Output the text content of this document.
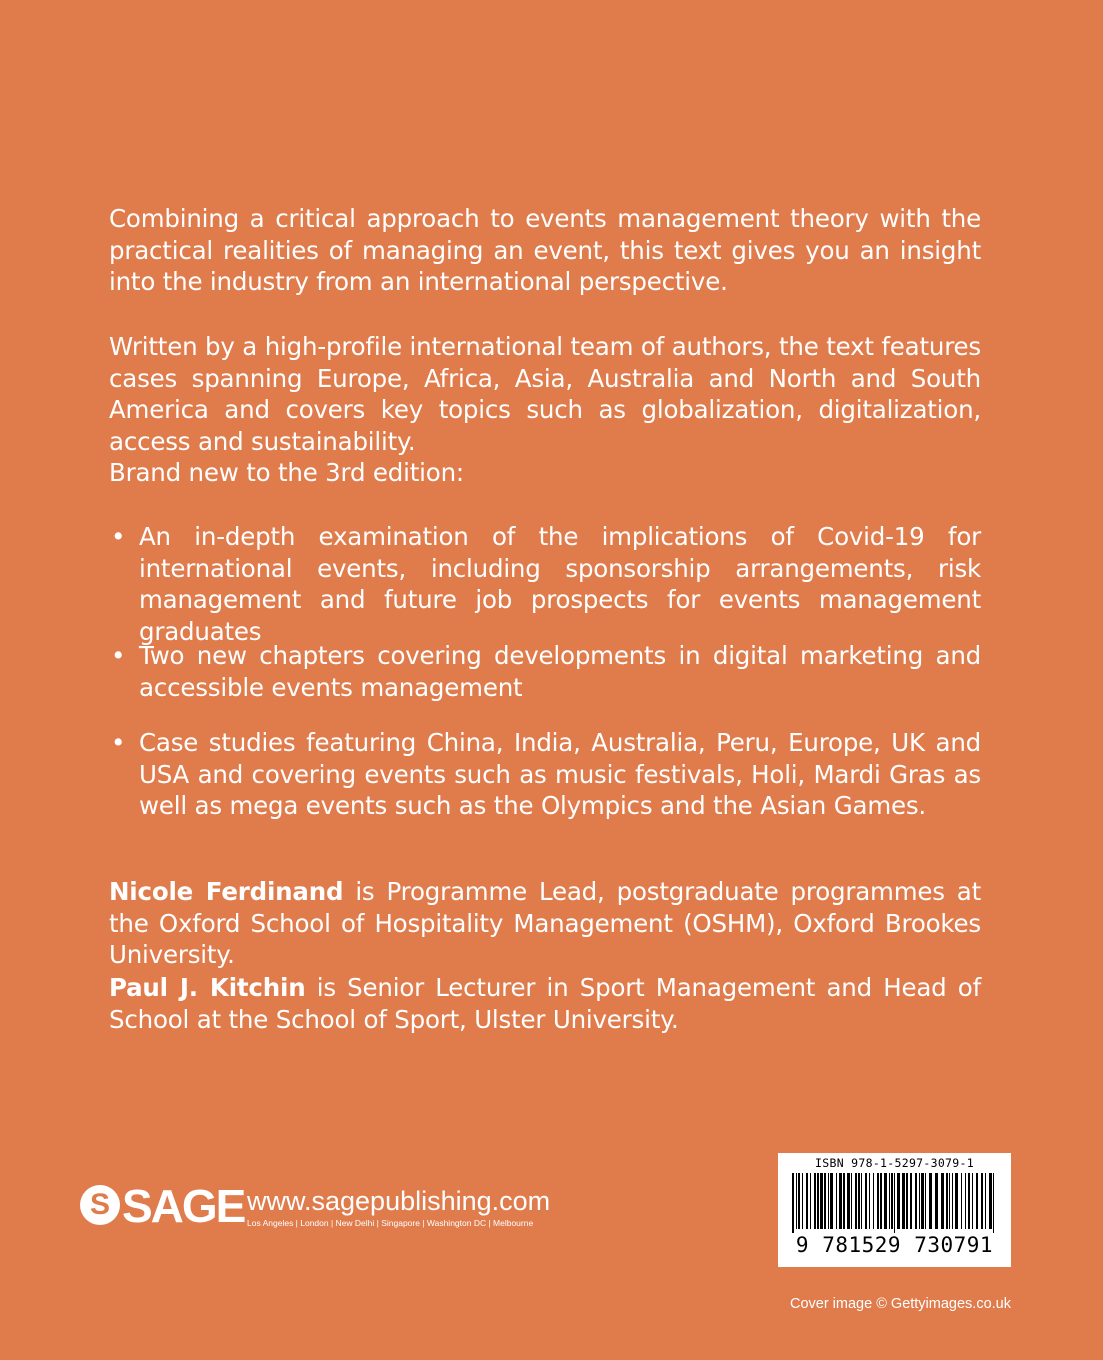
Combining a critical approach to events management theory with the practical realities of managing an event, this text gives you an insight into the industry from an international perspective.
Written by a high-profile international team of authors, the text features cases spanning Europe, Africa, Asia, Australia and North and South America and covers key topics such as globalization, digitalization, access and sustainability.
Brand new to the 3rd edition:
• An in-depth examination of the implications of Covid-19 for international events, including sponsorship arrangements, risk management and future job prospects for events management graduates
• Two new chapters covering developments in digital marketing and accessible events management
• Case studies featuring China, India, Australia, Peru, Europe, UK and USA and covering events such as music festivals, Holi, Mardi Gras as well as mega events such as the Olympics and the Asian Games.
Nicole Ferdinand is Programme Lead, postgraduate programmes at the Oxford School of Hospitality Management (OSHM), Oxford Brookes University.
Paul J. Kitchin is Senior Lecturer in Sport Management and Head of School at the School of Sport, Ulster University.
S SAGE www.sagepublishing.com
Los Angeles | London | New Delhi | Singapore | Washington DC | Melbourne
ISBN 978-1-5297-3079-1
9 781529 730791
Cover image © Gettyimages.co.uk
